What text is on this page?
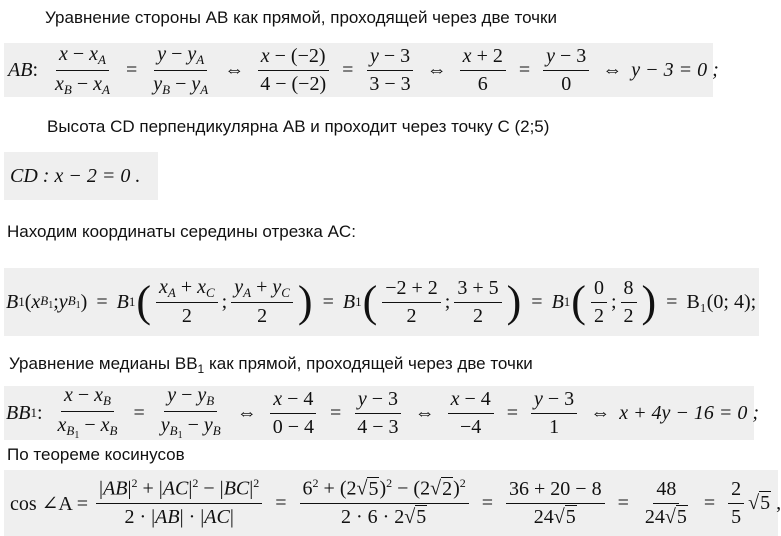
Уравнение стороны AB как прямой, проходящей через две точки
AB : $\frac{x - x_A}{x_B - x_A} = \frac{y - y_A}{y_B - y_A}$ ⇔ $\frac{x - (-2)}{4 - (-2)} = \frac{y - 3}{3 - 3}$ ⇔ $\frac{x + 2}{6} = \frac{y - 3}{0}$ ⇔ y − 3 = 0 ;
Высота CD перпендикулярна AB и проходит через точку C (2;5)
CD : x − 2 = 0 .
Находим координаты середины отрезка AC:
B 1 ( x $B_1$ ; y $B_1$ ) = B 1 ( $\frac{x_A + x_C}{2}$ ; $\frac{y_A + y_C}{2}$ ) = B 1 ( $\frac{-2 + 2}{2}$ ; $\frac{3 + 5}{2}$ ) = B 1 ( $\frac{0}{2}$ ; $\frac{8}{2}$ ) = B₁(0; 4);
Уравнение медианы $BB_1$ как прямой, проходящей через две точки
BB 1 : $\frac{x - x_B}{x_{B_1} - x_B} = \frac{y - y_B}{y_{B_1} - y_B}$ ⇔ $\frac{x - 4}{0 - 4} = \frac{y - 3}{4 - 3}$ ⇔ $\frac{x - 4}{-4} = \frac{y - 3}{1}$ ⇔ x + 4y − 16 = 0 ;
По теореме косинусов
cos ∠A = $\frac{|AB|^2 + |AC|^2 - |BC|^2}{2 \cdot |AB| \cdot |AC|} = \frac{6^2 + (2√5)^2 - (2√2)^2}{2 \cdot 6 \cdot 2√5} = \frac{36 + 20 - 8}{24√5} = \frac{48}{24√5} = \frac{2}{5} √5$ ,
